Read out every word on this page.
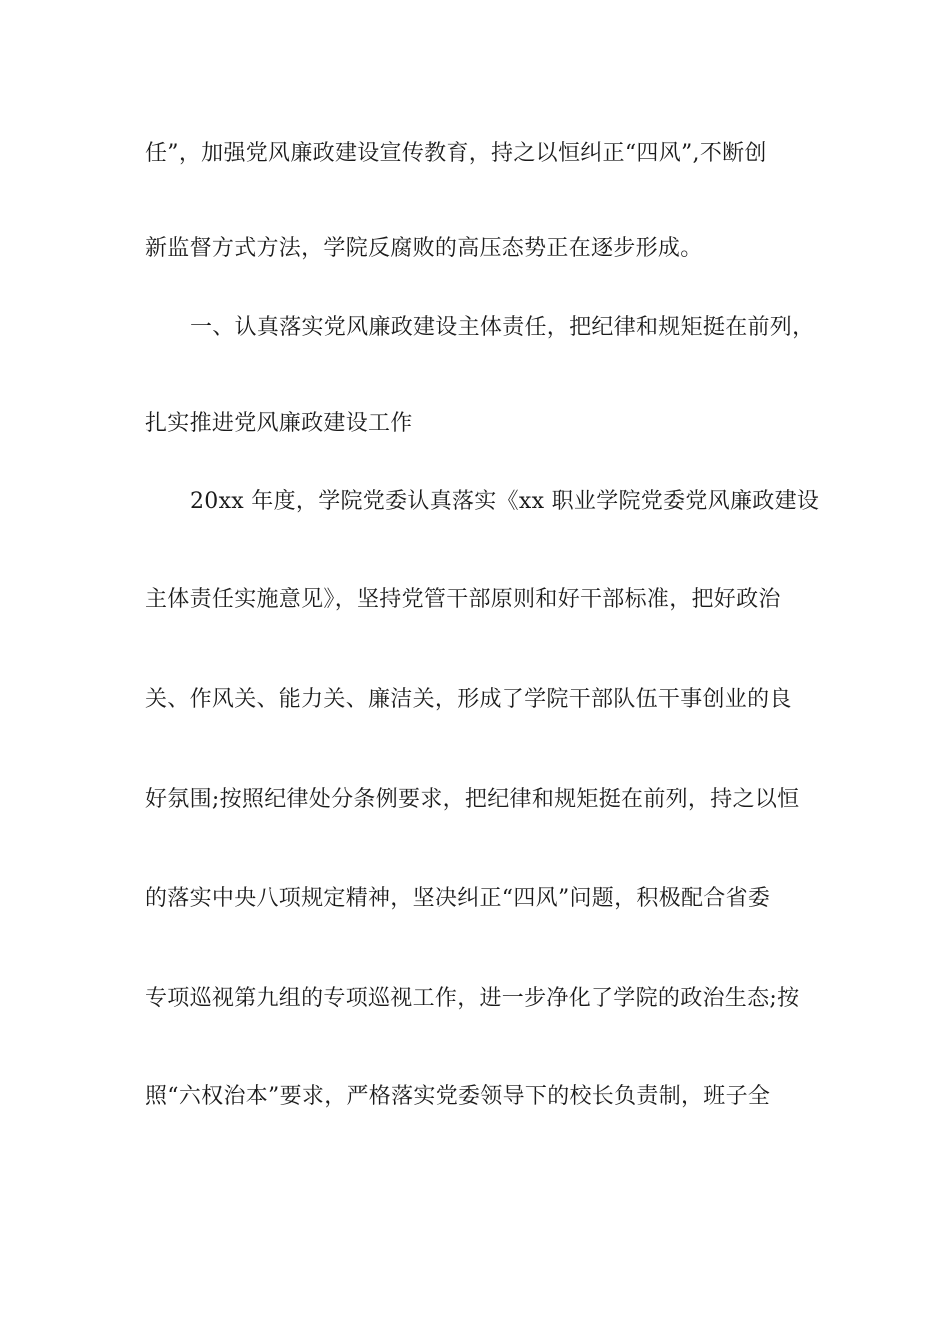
任”，加强党风廉政建设宣传教育，持之以恒纠正“四风”,不断创
新监督方式方法，学院反腐败的高压态势正在逐步形成。
一、认真落实党风廉政建设主体责任，把纪律和规矩挺在前列，
扎实推进党风廉政建设工作
20xx 年度，学院党委认真落实《xx 职业学院党委党风廉政建设
主体责任实施意见》，坚持党管干部原则和好干部标准，把好政治
关、作风关、能力关、廉洁关，形成了学院干部队伍干事创业的良
好氛围;按照纪律处分条例要求，把纪律和规矩挺在前列，持之以恒
的落实中央八项规定精神，坚决纠正“四风”问题，积极配合省委
专项巡视第九组的专项巡视工作，进一步净化了学院的政治生态;按
照“六权治本”要求，严格落实党委领导下的校长负责制，班子全
